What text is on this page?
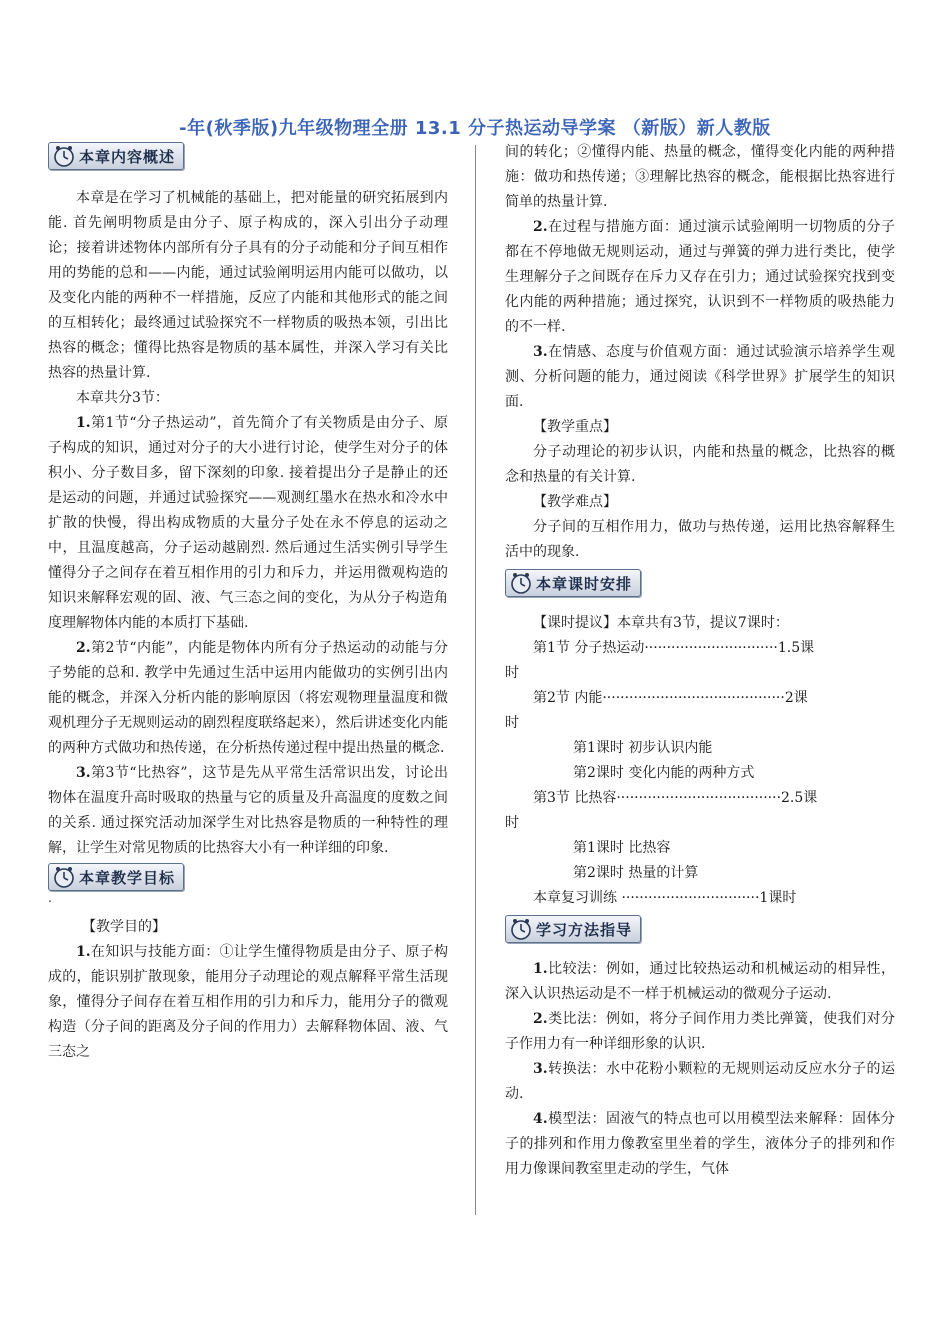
-年(秋季版)九年级物理全册 13.1 分子热运动导学案 （新版）新人教版
本章内容概述

本章是在学习了机械能的基础上，把对能量的研究拓展到内能. 首先阐明物质是由分子、原子构成的，深入引出分子动理论；接着讲述物体内部所有分子具有的分子动能和分子间互相作用的势能的总和——内能，通过试验阐明运用内能可以做功，以及变化内能的两种不一样措施，反应了内能和其他形式的能之间的互相转化；最终通过试验探究不一样物质的吸热本领，引出比热容的概念；懂得比热容是物质的基本属性，并深入学习有关比热容的热量计算.

本章共分3节：

1.第1节“分子热运动”，首先简介了有关物质是由分子、原子构成的知识，通过对分子的大小进行讨论，使学生对分子的体积小、分子数目多，留下深刻的印象. 接着提出分子是静止的还是运动的问题，并通过试验探究——观测红墨水在热水和冷水中扩散的快慢，得出构成物质的大量分子处在永不停息的运动之中，且温度越高，分子运动越剧烈. 然后通过生活实例引导学生懂得分子之间存在着互相作用的引力和斥力，并运用微观构造的知识来解释宏观的固、液、气三态之间的变化，为从分子构造角度理解物体内能的本质打下基础.

2.第2节“内能”，内能是物体内所有分子热运动的动能与分子势能的总和. 教学中先通过生活中运用内能做功的实例引出内能的概念，并深入分析内能的影响原因（将宏观物理量温度和微观机理分子无规则运动的剧烈程度联络起来），然后讲述变化内能的两种方式做功和热传递，在分析热传递过程中提出热量的概念.

3.第3节“比热容”，这节是先从平常生活常识出发，讨论出物体在温度升高时吸取的热量与它的质量及升高温度的度数之间的关系. 通过探究活动加深学生对比热容是物质的一种特性的理解，让学生对常见物质的比热容大小有一种详细的印象.

本章教学目标

.

【教学目的】

1.在知识与技能方面：①让学生懂得物质是由分子、原子构成的，能识别扩散现象，能用分子动理论的观点解释平常生活现象，懂得分子间存在着互相作用的引力和斥力，能用分子的微观构造（分子间的距离及分子间的作用力）去解释物体固、液、气三态之

间的转化；②懂得内能、热量的概念，懂得变化内能的两种措施：做功和热传递；③理解比热容的概念，能根据比热容进行简单的热量计算.

2.在过程与措施方面：通过演示试验阐明一切物质的分子都在不停地做无规则运动，通过与弹簧的弹力进行类比，使学生理解分子之间既存在斥力又存在引力；通过试验探究找到变化内能的两种措施；通过探究，认识到不一样物质的吸热能力的不一样.

3.在情感、态度与价值观方面：通过试验演示培养学生观测、分析问题的能力，通过阅读《科学世界》扩展学生的知识面.

【教学重点】

分子动理论的初步认识，内能和热量的概念，比热容的概念和热量的有关计算.

【教学难点】

分子间的互相作用力，做功与热传递，运用比热容解释生活中的现象.

本章课时安排

【课时提议】本章共有3节，提议7课时：

第1节 分子热运动······························1.5课

时

第2节 内能·········································2课

时

第1课时 初步认识内能

第2课时 变化内能的两种方式

第3节 比热容·····································2.5课

时

第1课时 比热容

第2课时 热量的计算

本章复习训练 ·······························1课时

学习方法指导

1.比较法：例如，通过比较热运动和机械运动的相异性，深入认识热运动是不一样于机械运动的微观分子运动.

2.类比法：例如，将分子间作用力类比弹簧，使我们对分子作用力有一种详细形象的认识.

3.转换法：水中花粉小颗粒的无规则运动反应水分子的运动.

4.模型法：固液气的特点也可以用模型法来解释：固体分子的排列和作用力像教室里坐着的学生，液体分子的排列和作用力像课间教室里走动的学生，气体
